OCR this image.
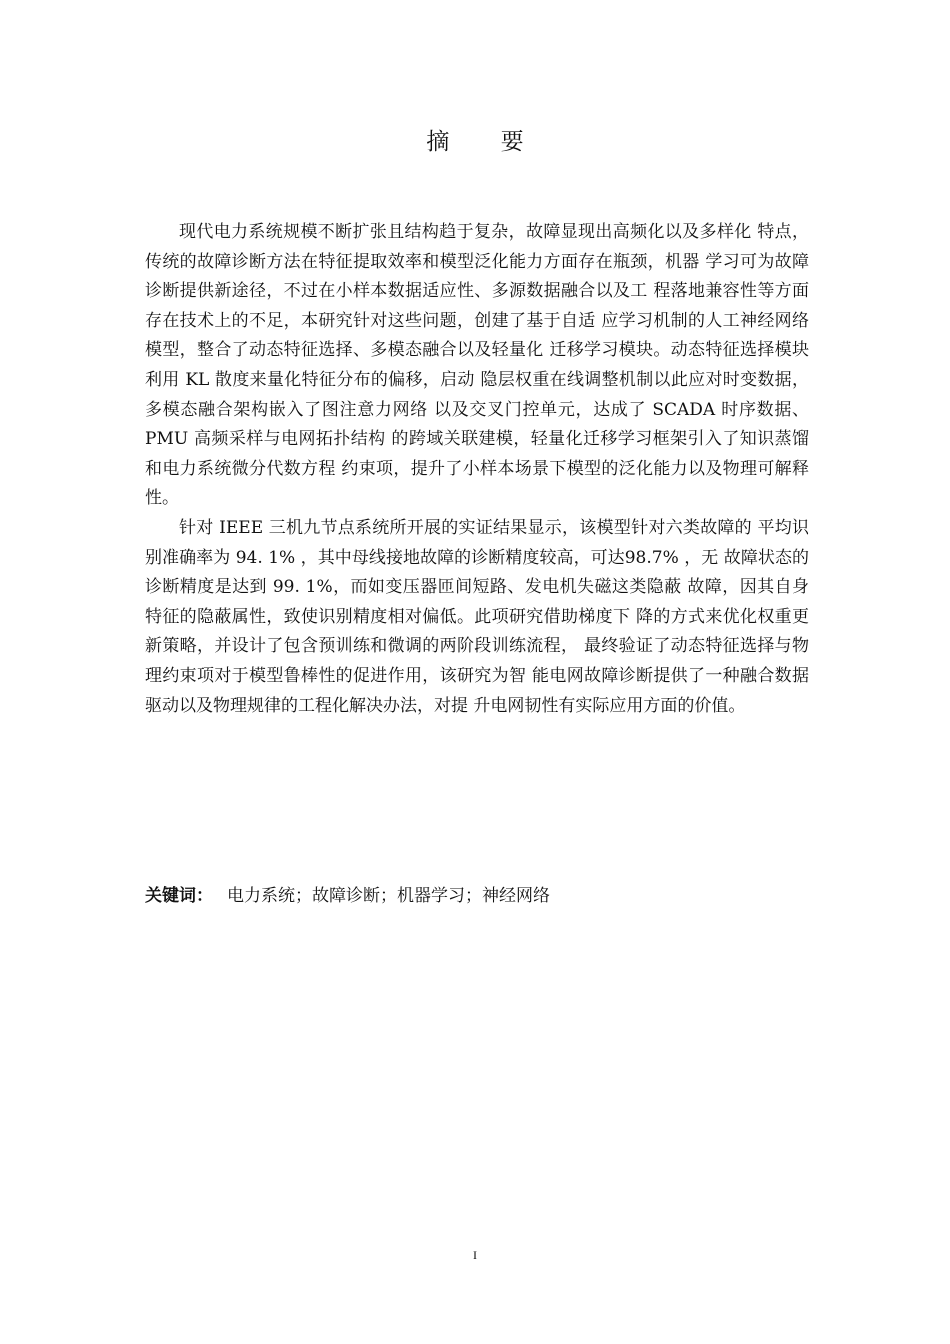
摘 要

现代电力系统规模不断扩张且结构趋于复杂，故障显现出高频化以及多样化 特点，传统的故障诊断方法在特征提取效率和模型泛化能力方面存在瓶颈，机器 学习可为故障诊断提供新途径，不过在小样本数据适应性、多源数据融合以及工 程落地兼容性等方面存在技术上的不足，本研究针对这些问题，创建了基于自适 应学习机制的人工神经网络模型，整合了动态特征选择、多模态融合以及轻量化 迁移学习模块。动态特征选择模块利用 KL 散度来量化特征分布的偏移，启动 隐层权重在线调整机制以此应对时变数据，多模态融合架构嵌入了图注意力网络 以及交叉门控单元，达成了 SCADA 时序数据、PMU 高频采样与电网拓扑结构 的跨域关联建模，轻量化迁移学习框架引入了知识蒸馏和电力系统微分代数方程 约束项，提升了小样本场景下模型的泛化能力以及物理可解释性。

针对 IEEE 三机九节点系统所开展的实证结果显示，该模型针对六类故障的 平均识别准确率为 94. 1% ，其中母线接地故障的诊断精度较高，可达98.7% ，无 故障状态的诊断精度是达到 99. 1%，而如变压器匝间短路、发电机失磁这类隐蔽 故障，因其自身特征的隐蔽属性，致使识别精度相对偏低。此项研究借助梯度下 降的方式来优化权重更新策略，并设计了包含预训练和微调的两阶段训练流程， 最终验证了动态特征选择与物理约束项对于模型鲁棒性的促进作用，该研究为智 能电网故障诊断提供了一种融合数据驱动以及物理规律的工程化解决办法，对提 升电网韧性有实际应用方面的价值。

关键词： 电力系统；故障诊断；机器学习；神经网络
I
